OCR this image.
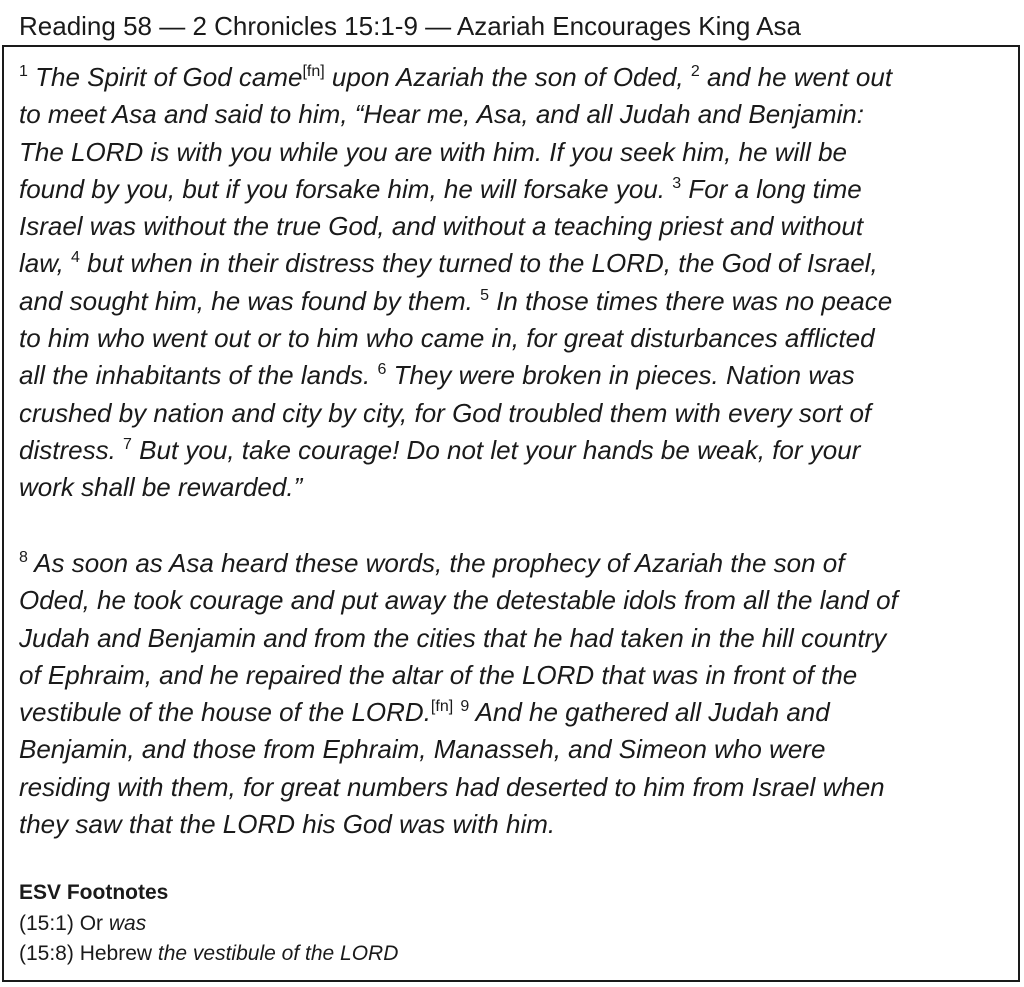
Reading 58 — 2 Chronicles 15:1-9 — Azariah Encourages King Asa
$^1$ The Spirit of God came[fn] upon Azariah the son of Oded, $^2$ and he went out
to meet Asa and said to him, “Hear me, Asa, and all Judah and Benjamin:
The LORD is with you while you are with him. If you seek him, he will be
found by you, but if you forsake him, he will forsake you. $^3$ For a long time
Israel was without the true God, and without a teaching priest and without
law, $^4$ but when in their distress they turned to the LORD, the God of Israel,
and sought him, he was found by them. $^5$ In those times there was no peace
to him who went out or to him who came in, for great disturbances afflicted
all the inhabitants of the lands. $^6$ They were broken in pieces. Nation was
crushed by nation and city by city, for God troubled them with every sort of
distress. $^7$ But you, take courage! Do not let your hands be weak, for your
work shall be rewarded.”
$^8$ As soon as Asa heard these words, the prophecy of Azariah the son of
Oded, he took courage and put away the detestable idols from all the land of
Judah and Benjamin and from the cities that he had taken in the hill country
of Ephraim, and he repaired the altar of the LORD that was in front of the
vestibule of the house of the LORD.[fn] $^9$ And he gathered all Judah and
Benjamin, and those from Ephraim, Manasseh, and Simeon who were
residing with them, for great numbers had deserted to him from Israel when
they saw that the LORD his God was with him.
ESV Footnotes
(15:1) Or was
(15:8) Hebrew the vestibule of the LORD
